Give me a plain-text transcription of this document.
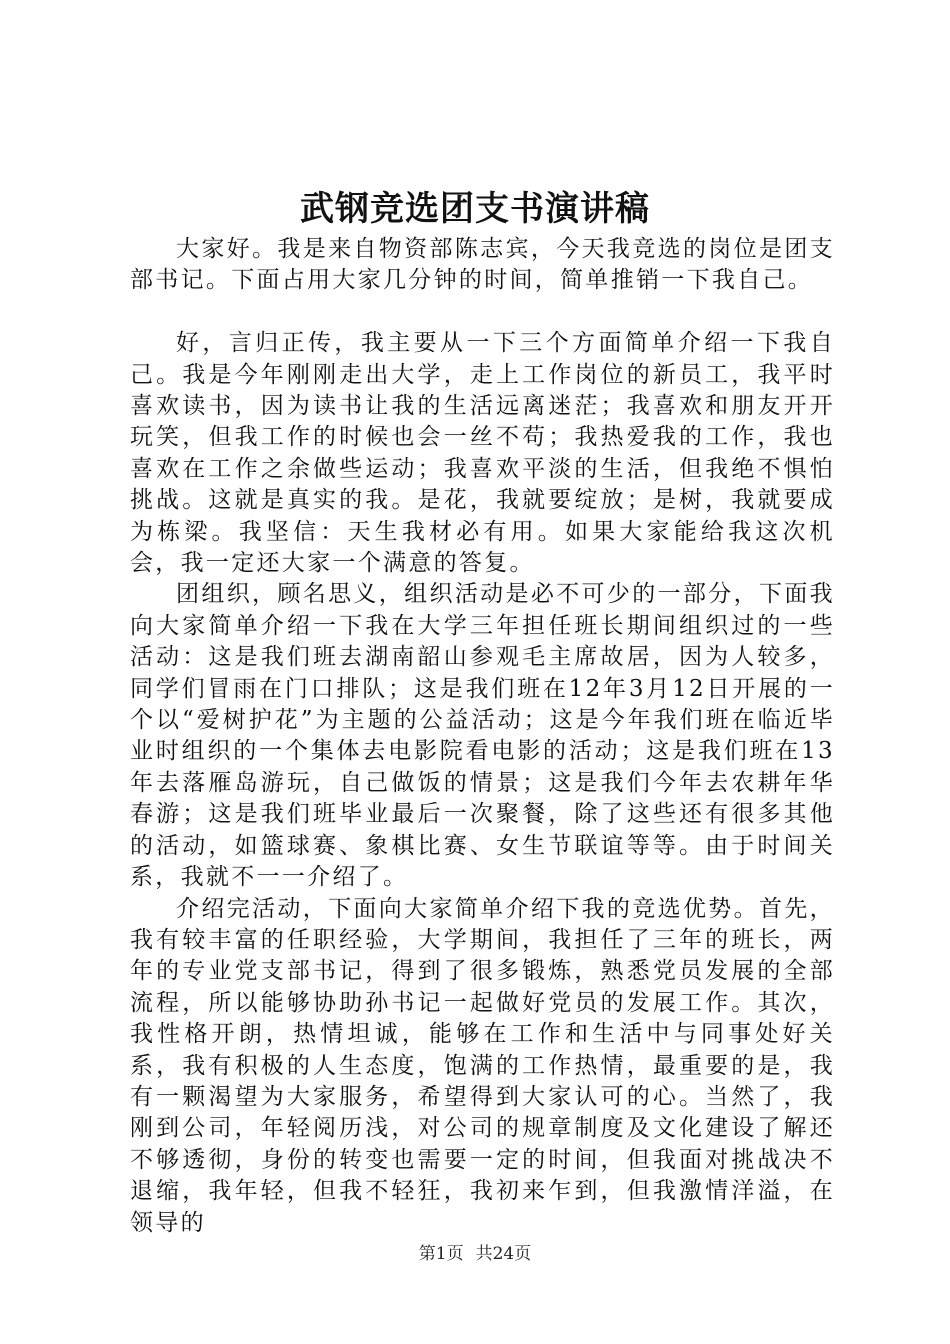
武钢竞选团支书演讲稿

大家好。我是来自物资部陈志宾，今天我竞选的岗位是团支部书记。下面占用大家几分钟的时间，简单推销一下我自己。

好，言归正传，我主要从一下三个方面简单介绍一下我自己。我是今年刚刚走出大学，走上工作岗位的新员工，我平时喜欢读书，因为读书让我的生活远离迷茫；我喜欢和朋友开开玩笑，但我工作的时候也会一丝不苟；我热爱我的工作，我也喜欢在工作之余做些运动；我喜欢平淡的生活，但我绝不惧怕挑战。这就是真实的我。是花，我就要绽放；是树，我就要成为栋梁。我坚信：天生我材必有用。如果大家能给我这次机会，我一定还大家一个满意的答复。

团组织，顾名思义，组织活动是必不可少的一部分，下面我向大家简单介绍一下我在大学三年担任班长期间组织过的一些活动：这是我们班去湖南韶山参观毛主席故居，因为人较多，同学们冒雨在门口排队；这是我们班在12年3月12日开展的一个以“爱树护花”为主题的公益活动；这是今年我们班在临近毕业时组织的一个集体去电影院看电影的活动；这是我们班在13年去落雁岛游玩，自己做饭的情景；这是我们今年去农耕年华春游；这是我们班毕业最后一次聚餐，除了这些还有很多其他的活动，如篮球赛、象棋比赛、女生节联谊等等。由于时间关系，我就不一一介绍了。

介绍完活动，下面向大家简单介绍下我的竞选优势。首先，我有较丰富的任职经验，大学期间，我担任了三年的班长，两年的专业党支部书记，得到了很多锻炼，熟悉党员发展的全部流程，所以能够协助孙书记一起做好党员的发展工作。其次，我性格开朗，热情坦诚，能够在工作和生活中与同事处好关系，我有积极的人生态度，饱满的工作热情，最重要的是，我有一颗渴望为大家服务，希望得到大家认可的心。当然了，我刚到公司，年轻阅历浅，对公司的规章制度及文化建设了解还不够透彻，身份的转变也需要一定的时间，但我面对挑战决不退缩，我年轻，但我不轻狂，我初来乍到，但我激情洋溢，在领导的

第1页 共24页
